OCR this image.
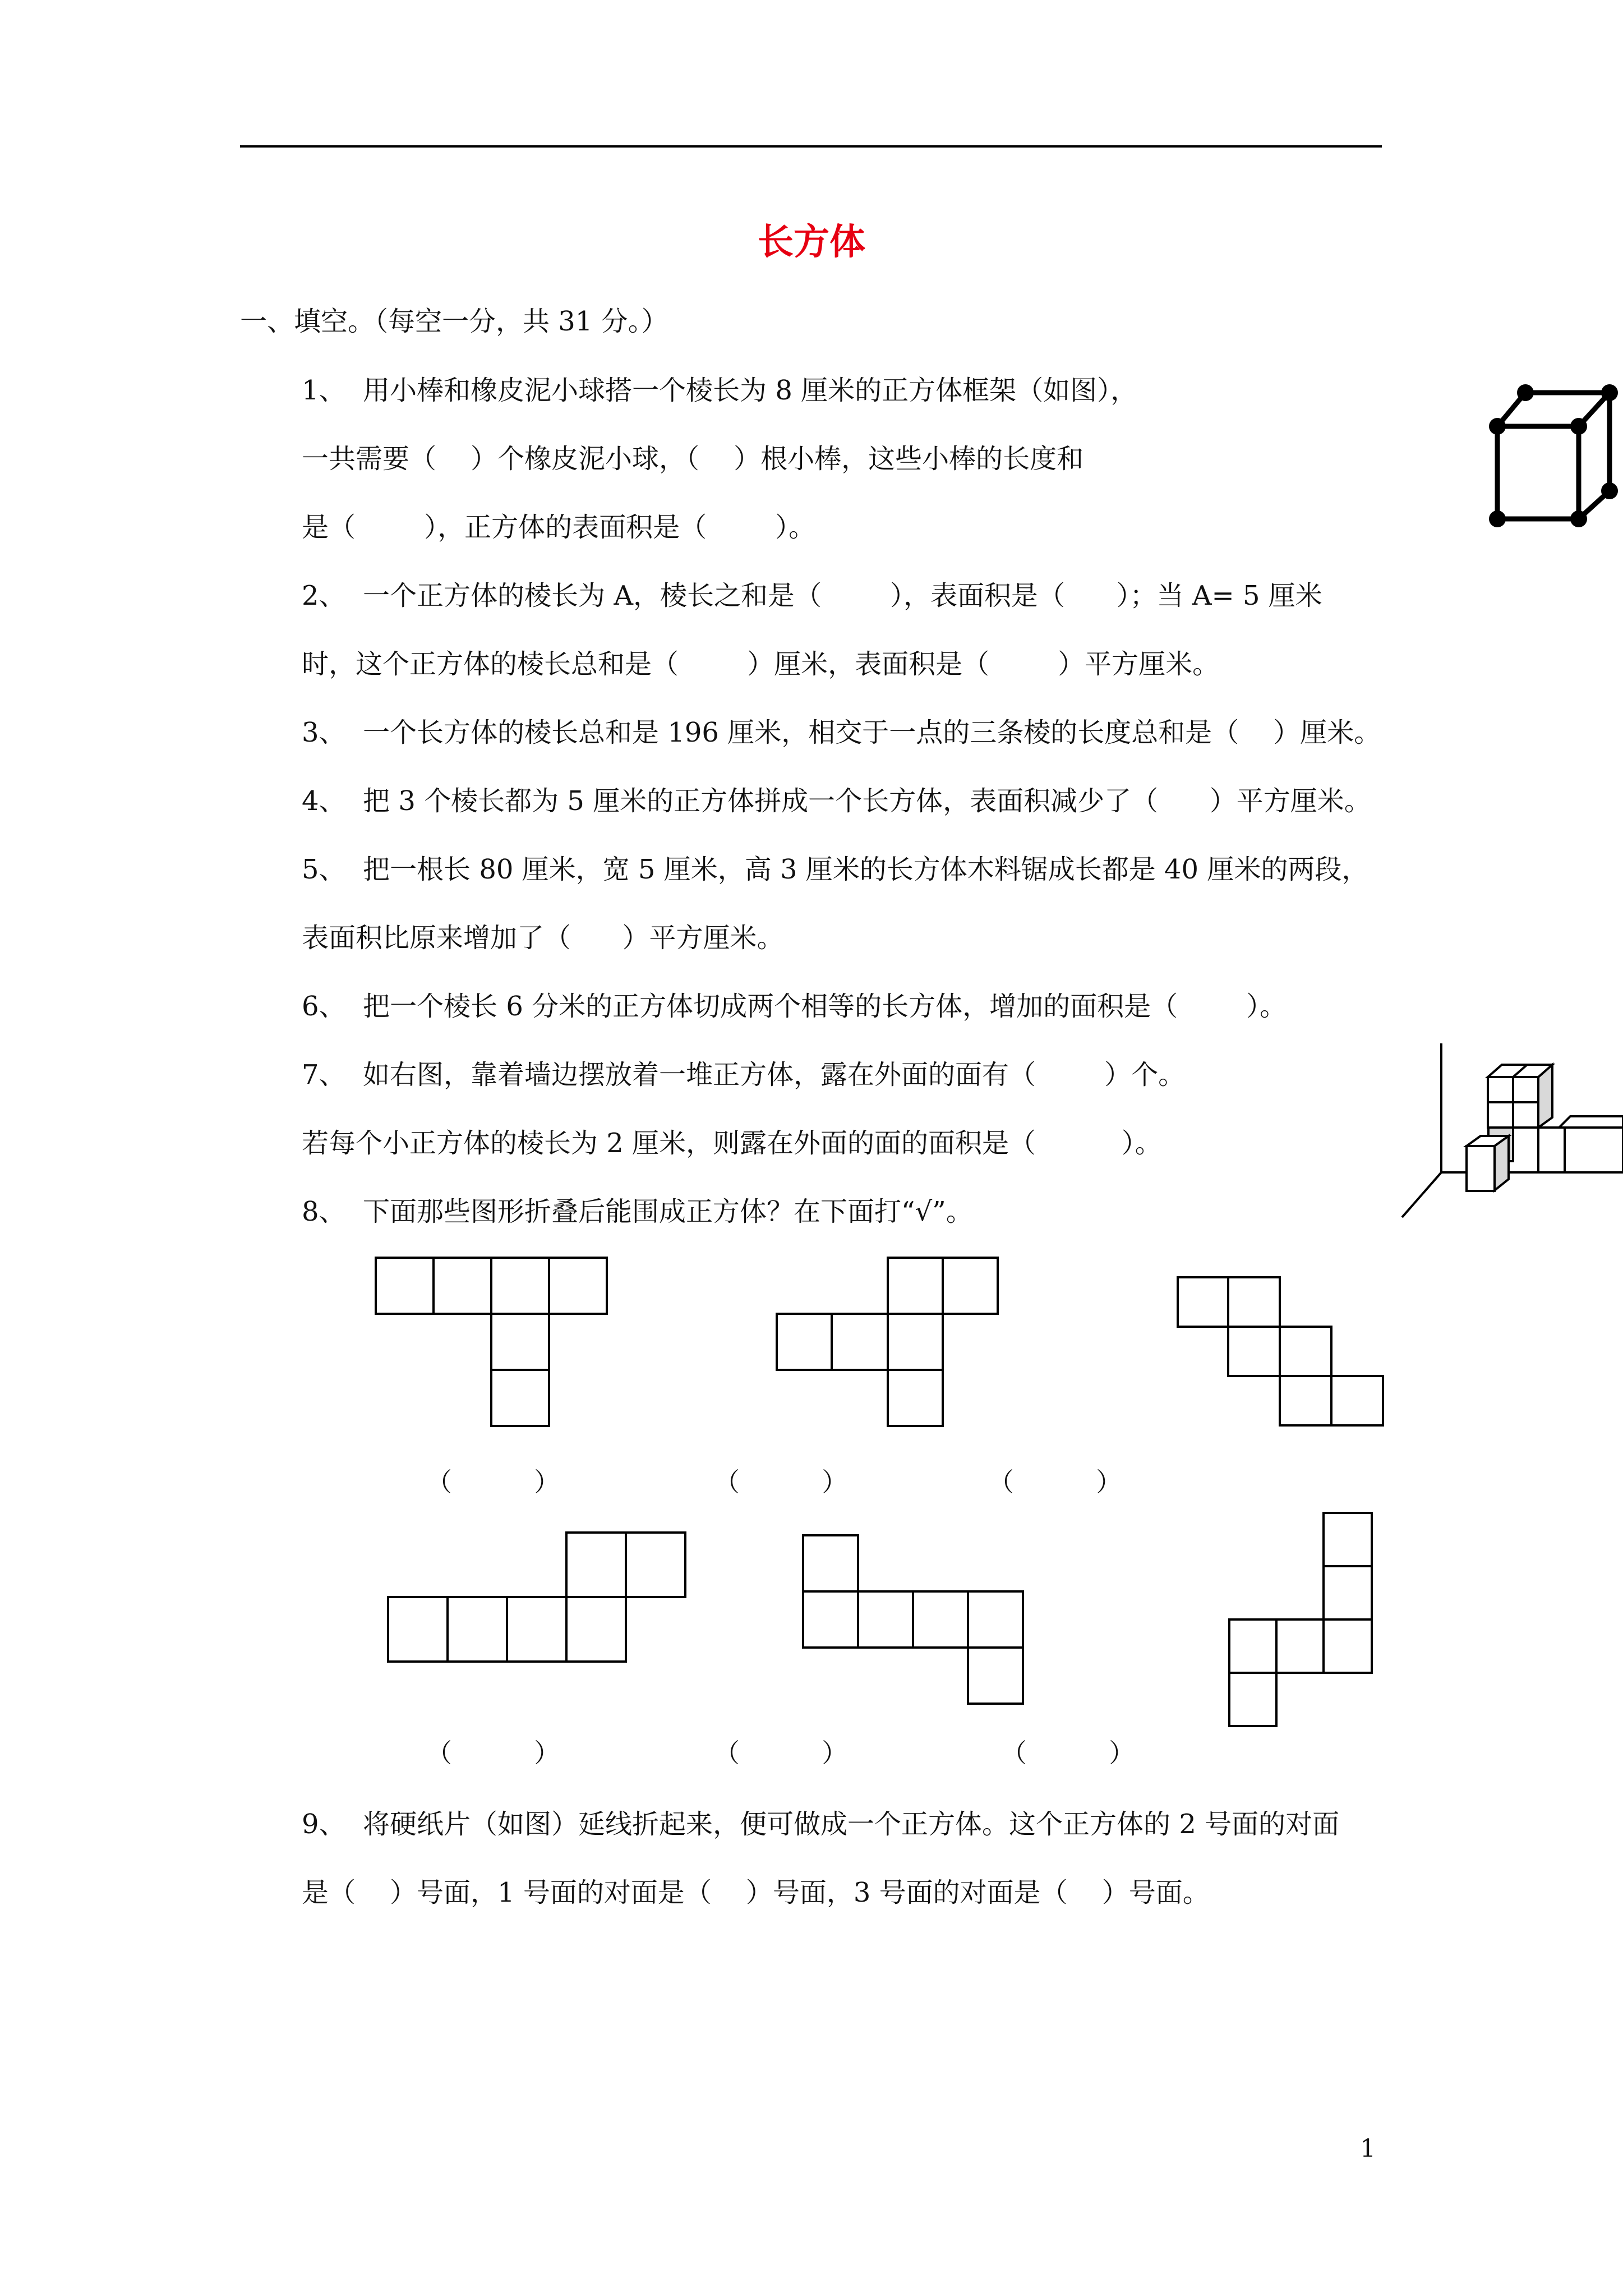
长方体
一、填空。（每空一分，共 31 分。）
1、  用小棒和橡皮泥小球搭一个棱长为 8 厘米的正方体框架（如图），
一共需要（    ）个橡皮泥小球，（    ）根小棒，这些小棒的长度和
是（        ），正方体的表面积是（        ）。
2、  一个正方体的棱长为 A，棱长之和是（        ），表面积是（      ）；当 A= 5 厘米
时，这个正方体的棱长总和是（        ）厘米，表面积是（        ）平方厘米。
3、  一个长方体的棱长总和是 196 厘米，相交于一点的三条棱的长度总和是（    ）厘米。
4、  把 3 个棱长都为 5 厘米的正方体拼成一个长方体，表面积减少了（      ）平方厘米。
5、  把一根长 80 厘米，宽 5 厘米，高 3 厘米的长方体木料锯成长都是 40 厘米的两段，
表面积比原来增加了（      ）平方厘米。
6、  把一个棱长 6 分米的正方体切成两个相等的长方体，增加的面积是（        ）。
7、  如右图，靠着墙边摆放着一堆正方体，露在外面的面有（        ）个。
若每个小正方体的棱长为 2 厘米，则露在外面的面的面积是（          ）。
8、  下面那些图形折叠后能围成正方体？在下面打“√”。
（          ）	（          ）	（          ）
（          ）	（          ）	（          ）
9、  将硬纸片（如图）延线折起来，便可做成一个正方体。这个正方体的 2 号面的对面
是（    ）号面，1 号面的对面是（    ）号面，3 号面的对面是（    ）号面。
1
